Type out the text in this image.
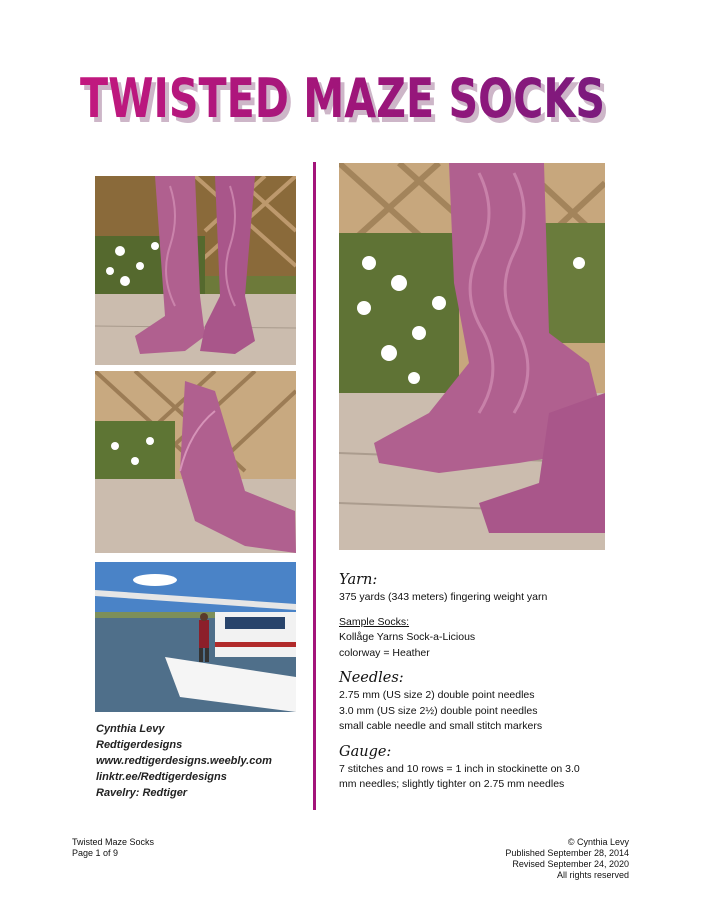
TWISTED MAZE SOCKS
TWISTED MAZE SOCKS
Cynthia Levy
Redtigerdesigns
www.redtigerdesigns.weebly.com
linktr.ee/Redtigerdesigns
Ravelry: Redtiger
Yarn:
375 yards (343 meters) fingering weight yarn
Sample Socks:
Kollåge Yarns Sock-a-Licious
colorway = Heather
Needles:
2.75 mm (US size 2) double point needles
3.0 mm (US size 2½) double point needles
small cable needle and small stitch markers
Gauge:
7 stitches and 10 rows = 1 inch in stockinette on 3.0
mm needles; slightly tighter on 2.75 mm needles
Twisted Maze Socks
Page 1 of 9
© Cynthia Levy
Published September 28, 2014
Revised September 24, 2020
All rights reserved
